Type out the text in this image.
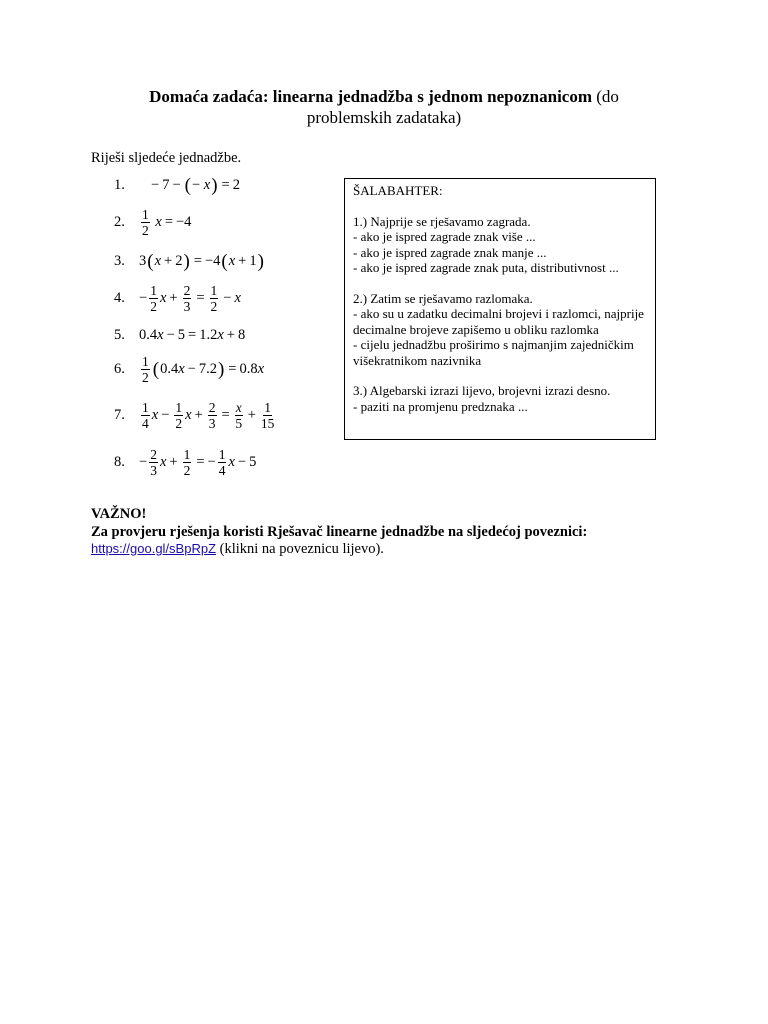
Domaća zadaća: linearna jednadžba s jednom nepoznanicom (do problemskih zadataka)
Riješi sljedeće jednadžbe.
1.	− 7 − ( − x ) = 2
2.	$\frac{1}{2}$
x = −4
3. 3 ( x + 2 ) = −4 ( x + 1 )
4. − $\frac{1}{2}$ $x + \frac{2}{3} = \frac{1}{2} - x$
5. 0.4 x − 5 = 1.2 x + 8
6.	$\frac{1}{2}$ ( 0.4 x − 7.2 ) = 0.8 x
7.	$\frac{1}{4}$ $x - \frac{1}{2}$ $x + \frac{2}{3} = \frac{x}{5} + \frac{1}{15}$
8. − $\frac{2}{3}$ $x + \frac{1}{2}$ = − $\frac{1}{4}$ x − 5

ŠALABAHTER:

1.) Najprije se rješavamo zagrada.

- ako je ispred zagrade znak više ...

- ako je ispred zagrade znak manje ...

- ako je ispred zagrade znak puta, distributivnost ...

2.) Zatim se rješavamo razlomaka.

- ako su u zadatku decimalni brojevi i razlomci, najprije decimalne brojeve zapišemo u obliku razlomka

- cijelu jednadžbu proširimo s najmanjim zajedničkim višekratnikom nazivnika

3.) Algebarski izrazi lijevo, brojevni izrazi desno.

- paziti na promjenu predznaka ...

VAŽNO!
Za provjeru rješenja koristi Rješavač linearne jednadžbe na sljedećoj poveznici:
https://goo.gl/sBpRpZ (klikni na poveznicu lijevo).
